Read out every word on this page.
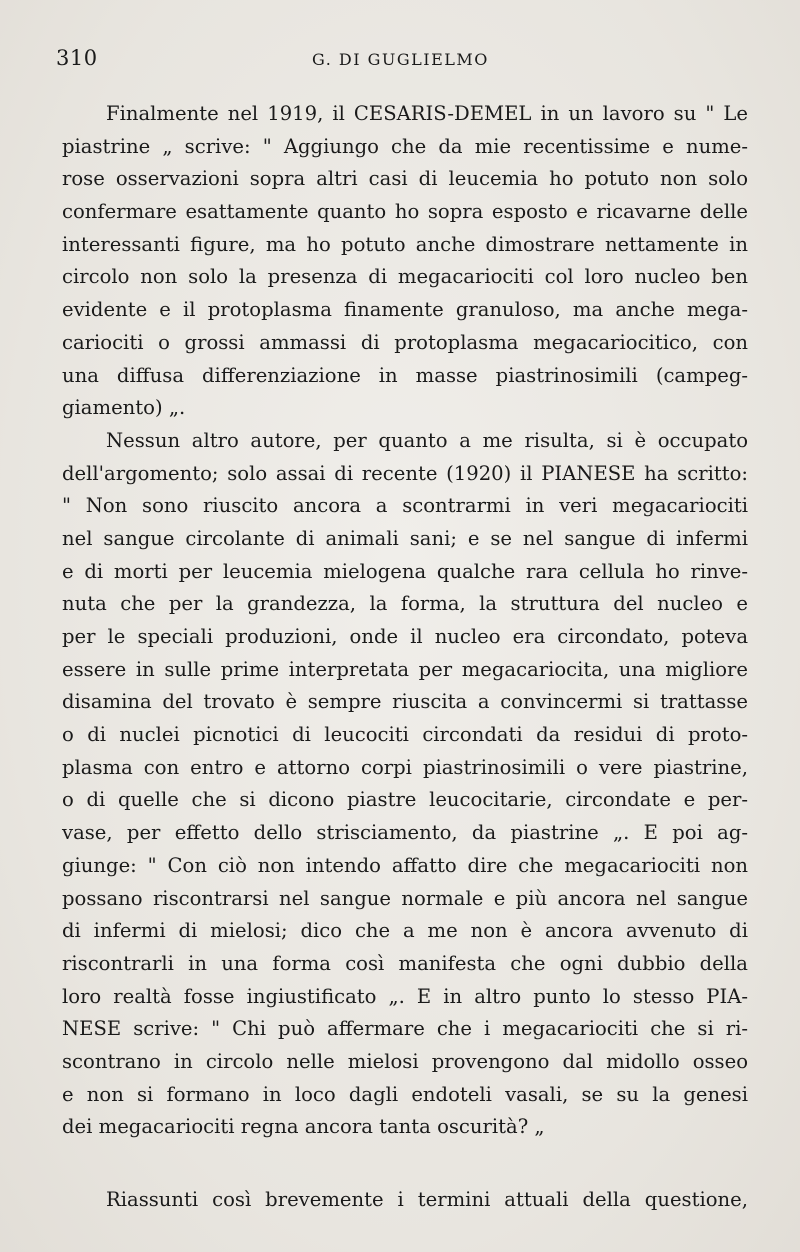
310	G. DI GUGLIELMO
Finalmente nel 1919, il CESARIS-DEMEL in un lavoro su " Le
piastrine „ scrive: " Aggiungo che da mie recentissime e nume-
rose osservazioni sopra altri casi di leucemia ho potuto non solo
confermare esattamente quanto ho sopra esposto e ricavarne delle
interessanti figure, ma ho potuto anche dimostrare nettamente in
circolo non solo la presenza di megacariociti col loro nucleo ben
evidente e il protoplasma finamente granuloso, ma anche mega-
cariociti o grossi ammassi di protoplasma megacariocitico, con
una diffusa differenziazione in masse piastrinosimili (campeg-
giamento) „.
Nessun altro autore, per quanto a me risulta, si è occupato
dell'argomento; solo assai di recente (1920) il PIANESE ha scritto:
" Non sono riuscito ancora a scontrarmi in veri megacariociti
nel sangue circolante di animali sani; e se nel sangue di infermi
e di morti per leucemia mielogena qualche rara cellula ho rinve-
nuta che per la grandezza, la forma, la struttura del nucleo e
per le speciali produzioni, onde il nucleo era circondato, poteva
essere in sulle prime interpretata per megacariocita, una migliore
disamina del trovato è sempre riuscita a convincermi si trattasse
o di nuclei picnotici di leucociti circondati da residui di proto-
plasma con entro e attorno corpi piastrinosimili o vere piastrine,
o di quelle che si dicono piastre leucocitarie, circondate e per-
vase, per effetto dello strisciamento, da piastrine „. E poi ag-
giunge: " Con ciò non intendo affatto dire che megacariociti non
possano riscontrarsi nel sangue normale e più ancora nel sangue
di infermi di mielosi; dico che a me non è ancora avvenuto di
riscontrarli in una forma così manifesta che ogni dubbio della
loro realtà fosse ingiustificato „. E in altro punto lo stesso PIA-
NESE scrive: " Chi può affermare che i megacariociti che si ri-
scontrano in circolo nelle mielosi provengono dal midollo osseo
e non si formano in loco dagli endoteli vasali, se su la genesi
dei megacariociti regna ancora tanta oscurità? „
Riassunti così brevemente i termini attuali della questione,
